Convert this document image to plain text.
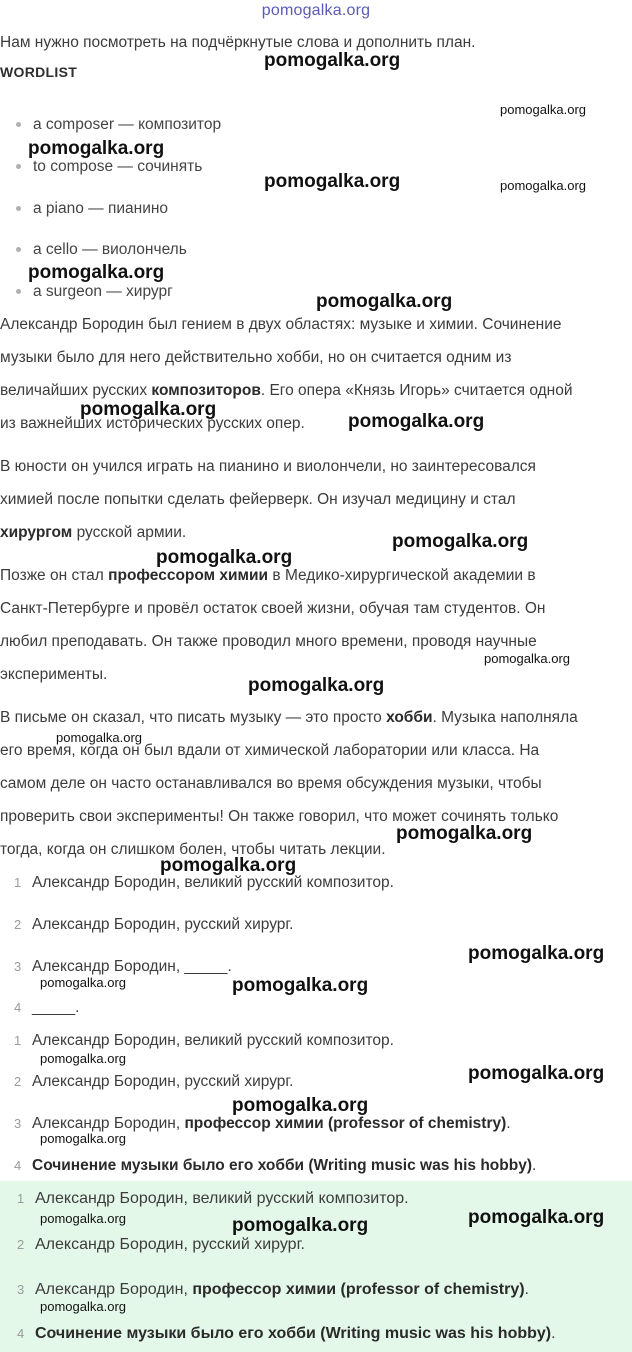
pomogalka.org
Нам нужно посмотреть на подчёркнутые слова и дополнить план.
WORDLIST
a composer — композитор
to compose — сочинять
a piano — пианино
a cello — виолончель
a surgeon — хирург
Александр Бородин был гением в двух областях: музыке и химии. Сочинение
музыки было для него действительно хобби, но он считается одним из
величайших русских композиторов. Его опера «Князь Игорь» считается одной
из важнейших исторических русских опер.
В юности он учился играть на пианино и виолончели, но заинтересовался
химией после попытки сделать фейерверк. Он изучал медицину и стал
хирургом русской армии.
Позже он стал профессором химии в Медико-хирургической академии в
Санкт-Петербурге и провёл остаток своей жизни, обучая там студентов. Он
любил преподавать. Он также проводил много времени, проводя научные
эксперименты.
В письме он сказал, что писать музыку — это просто хобби. Музыка наполняла
его время, когда он был вдали от химической лаборатории или класса. На
самом деле он часто останавливался во время обсуждения музыки, чтобы
проверить свои эксперименты! Он также говорил, что может сочинять только
тогда, когда он слишком болен, чтобы читать лекции.
1 Александр Бородин, великий русский композитор.
2 Александр Бородин, русский хирург.
3 Александр Бородин, _____.
4 _____.
1 Александр Бородин, великий русский композитор.
2 Александр Бородин, русский хирург.
3 Александр Бородин, профессор химии (professor of chemistry).
4 Сочинение музыки было его хобби (Writing music was his hobby).
1 Александр Бородин, великий русский композитор.
2 Александр Бородин, русский хирург.
3 Александр Бородин, профессор химии (professor of chemistry).
4 Сочинение музыки было его хобби (Writing music was his hobby).
pomogalka.org
pomogalka.org
pomogalka.org
pomogalka.org	pomogalka.org
pomogalka.org
pomogalka.org
pomogalka.org
pomogalka.org
pomogalka.org
pomogalka.org
pomogalka.org
pomogalka.org
pomogalka.org
pomogalka.org
pomogalka.org
pomogalka.org	pomogalka.org
pomogalka.org
pomogalka.org
pomogalka.org
pomogalka.org
pomogalka.org	pomogalka.org
pomogalka.org
pomogalka.org
pomogalka.org
